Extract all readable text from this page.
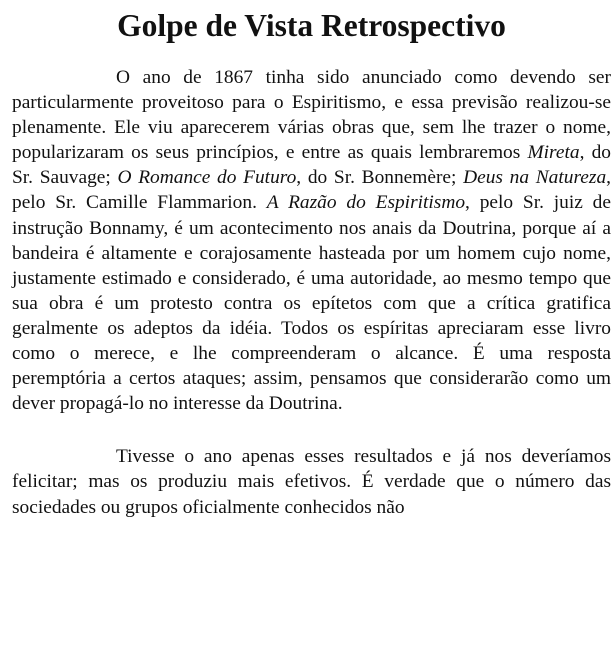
Golpe de Vista Retrospectivo

O ano de 1867 tinha sido anunciado como devendo ser particularmente proveitoso para o Espiritismo, e essa previsão realizou-se plenamente. Ele viu aparecerem várias obras que, sem lhe trazer o nome, popularizaram os seus princípios, e entre as quais lembraremos Mireta, do Sr. Sauvage; O Romance do Futuro, do Sr. Bonnemère; Deus na Natureza, pelo Sr. Camille Flammarion. A Razão do Espiritismo, pelo Sr. juiz de instrução Bonnamy, é um acontecimento nos anais da Doutrina, porque aí a bandeira é altamente e corajosamente hasteada por um homem cujo nome, justamente estimado e considerado, é uma autoridade, ao mesmo tempo que sua obra é um protesto contra os epítetos com que a crítica gratifica geralmente os adeptos da idéia. Todos os espíritas apreciaram esse livro como o merece, e lhe compreenderam o alcance. É uma resposta peremptória a certos ataques; assim, pensamos que considerarão como um dever propagá-lo no interesse da Doutrina.

Tivesse o ano apenas esses resultados e já nos deveríamos felicitar; mas os produziu mais efetivos. É verdade que o número das sociedades ou grupos oficialmente conhecidos não
